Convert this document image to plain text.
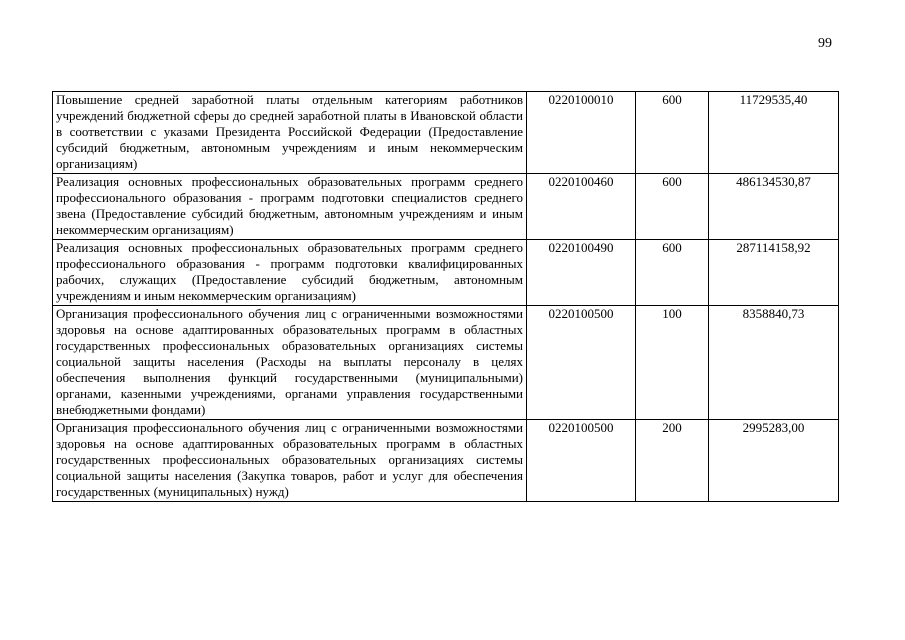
99
Повышение средней заработной платы отдельным категориям работников учреждений бюджетной сферы до средней заработной платы в Ивановской области в соответствии с указами Президента Российской Федерации (Предоставление субсидий бюджетным, автономным учреждениям и иным некоммерческим организациям)	0220100010	600	11729535,40
Реализация основных профессиональных образовательных программ среднего профессионального образования - программ подготовки специалистов среднего звена (Предоставление субсидий бюджетным, автономным учреждениям и иным некоммерческим организациям)	0220100460	600	486134530,87
Реализация основных профессиональных образовательных программ среднего профессионального образования - программ подготовки квалифицированных рабочих, служащих (Предоставление субсидий бюджетным, автономным учреждениям и иным некоммерческим организациям)	0220100490	600	287114158,92
Организация профессионального обучения лиц с ограниченными возможностями здоровья на основе адаптированных образовательных программ в областных государственных профессиональных образовательных организациях системы социальной защиты населения (Расходы на выплаты персоналу в целях обеспечения выполнения функций государственными (муниципальными) органами, казенными учреждениями, органами управления государственными внебюджетными фондами)	0220100500	100	8358840,73
Организация профессионального обучения лиц с ограниченными возможностями здоровья на основе адаптированных образовательных программ в областных государственных профессиональных образовательных организациях системы социальной защиты населения (Закупка товаров, работ и услуг для обеспечения государственных (муниципальных) нужд)	0220100500	200	2995283,00
